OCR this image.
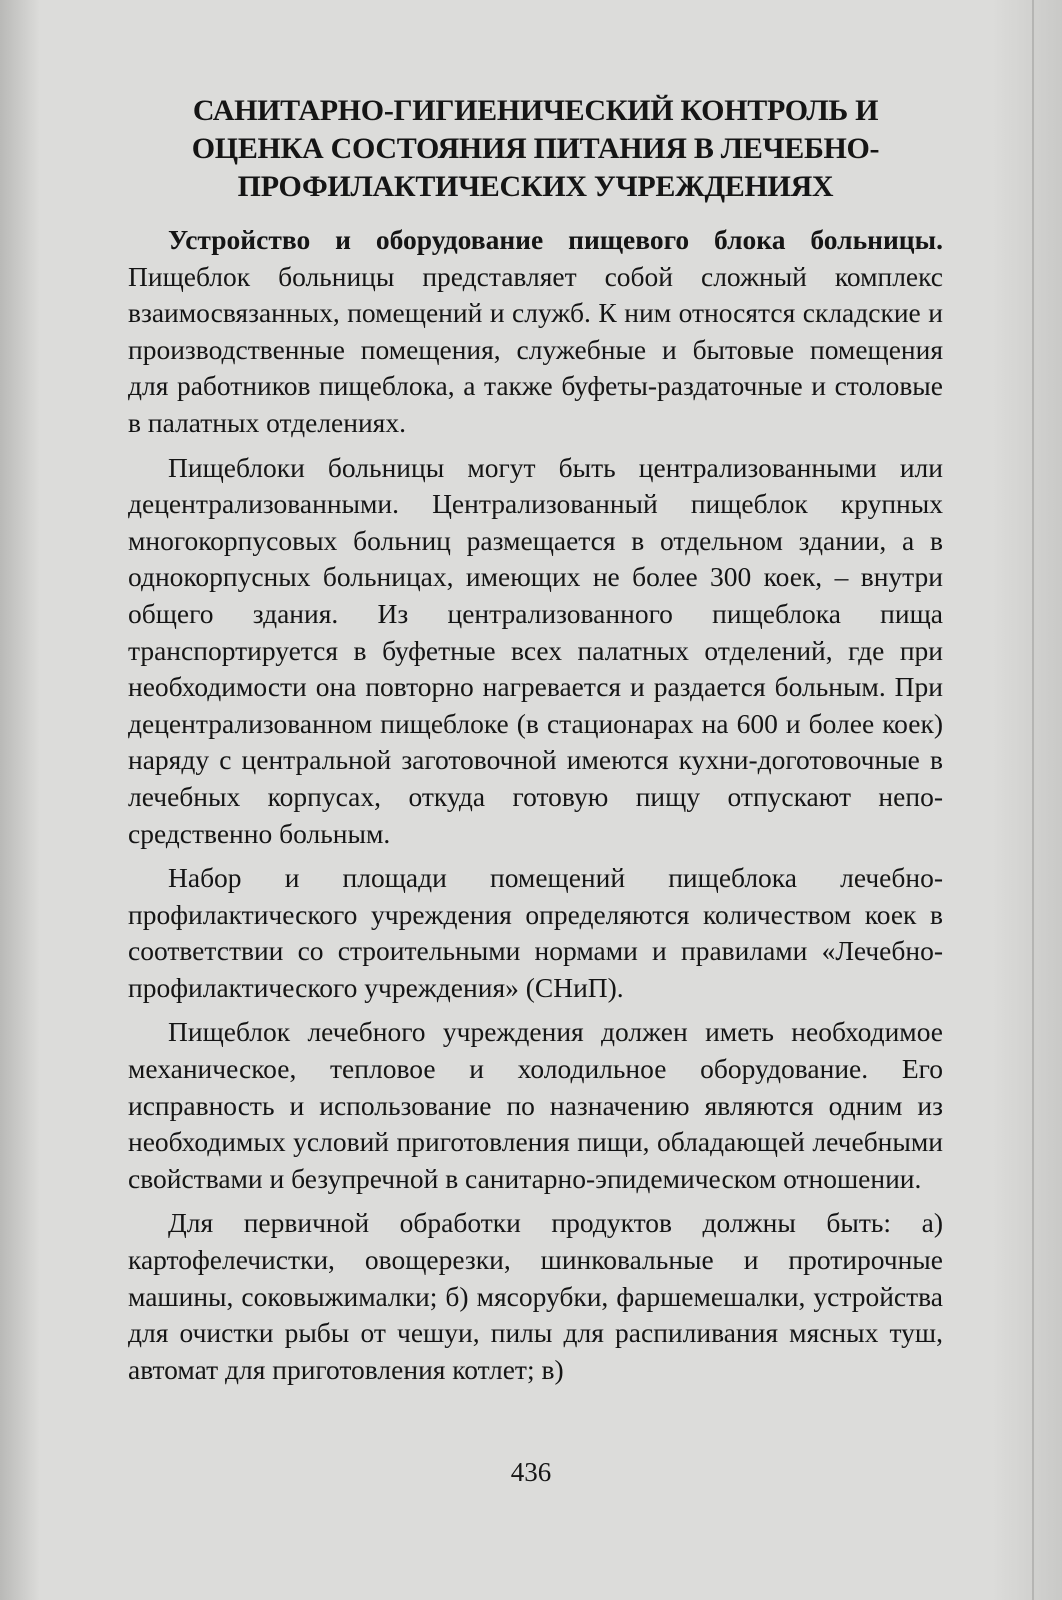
САНИТАРНО-ГИГИЕНИЧЕСКИЙ КОНТРОЛЬ И
ОЦЕНКА СОСТОЯНИЯ ПИТАНИЯ В ЛЕЧЕБНО-
ПРОФИЛАКТИЧЕСКИХ УЧРЕЖДЕНИЯХ

Устройство и оборудование пищевого блока больницы. Пищеблок больницы представляет собой сложный комплекс взаимосвязанных, помещений и служб. К ним относятся складские и производственные помещения, служебные и бытовые помещения для работников пищеблока, а также буфеты-раздаточные и столовые в палатных отделениях.

Пищеблоки больницы могут быть централизованными или децентрализованными. Централизованный пищеблок крупных многокорпусовых больниц размещается в отдельном здании, а в однокорпусных больницах, имеющих не более 300 коек, – внутри общего здания. Из централизованного пищеблока пища транспортируется в буфетные всех палатных отделений, где при необходимости она повторно нагревается и раздается больным. При децентрализованном пищеблоке (в стационарах на 600 и более коек) наряду с центральной заготовочной имеются кухни-доготовочные в лечебных корпусах, откуда готовую пищу отпускают непосредственно больным.

Набор и площади помещений пищеблока лечебно-профилактического учреждения определяются количеством коек в соответствии со строительными нормами и правилами «Лечебно-профилактического учреждения» (СНиП).

Пищеблок лечебного учреждения должен иметь необходимое механическое, тепловое и холодильное оборудование. Его исправность и использование по назначению являются одним из необходимых условий приготовления пищи, обладающей лечебными свойствами и безупречной в санитарно-эпидемическом отношении.

Для первичной обработки продуктов должны быть: а) картофелечистки, овощерезки, шинковальные и протирочные машины, соковыжималки; б) мясорубки, фаршемешалки, устройства для очистки рыбы от чешуи, пилы для распиливания мясных туш, автомат для приготовления котлет; в)

436
